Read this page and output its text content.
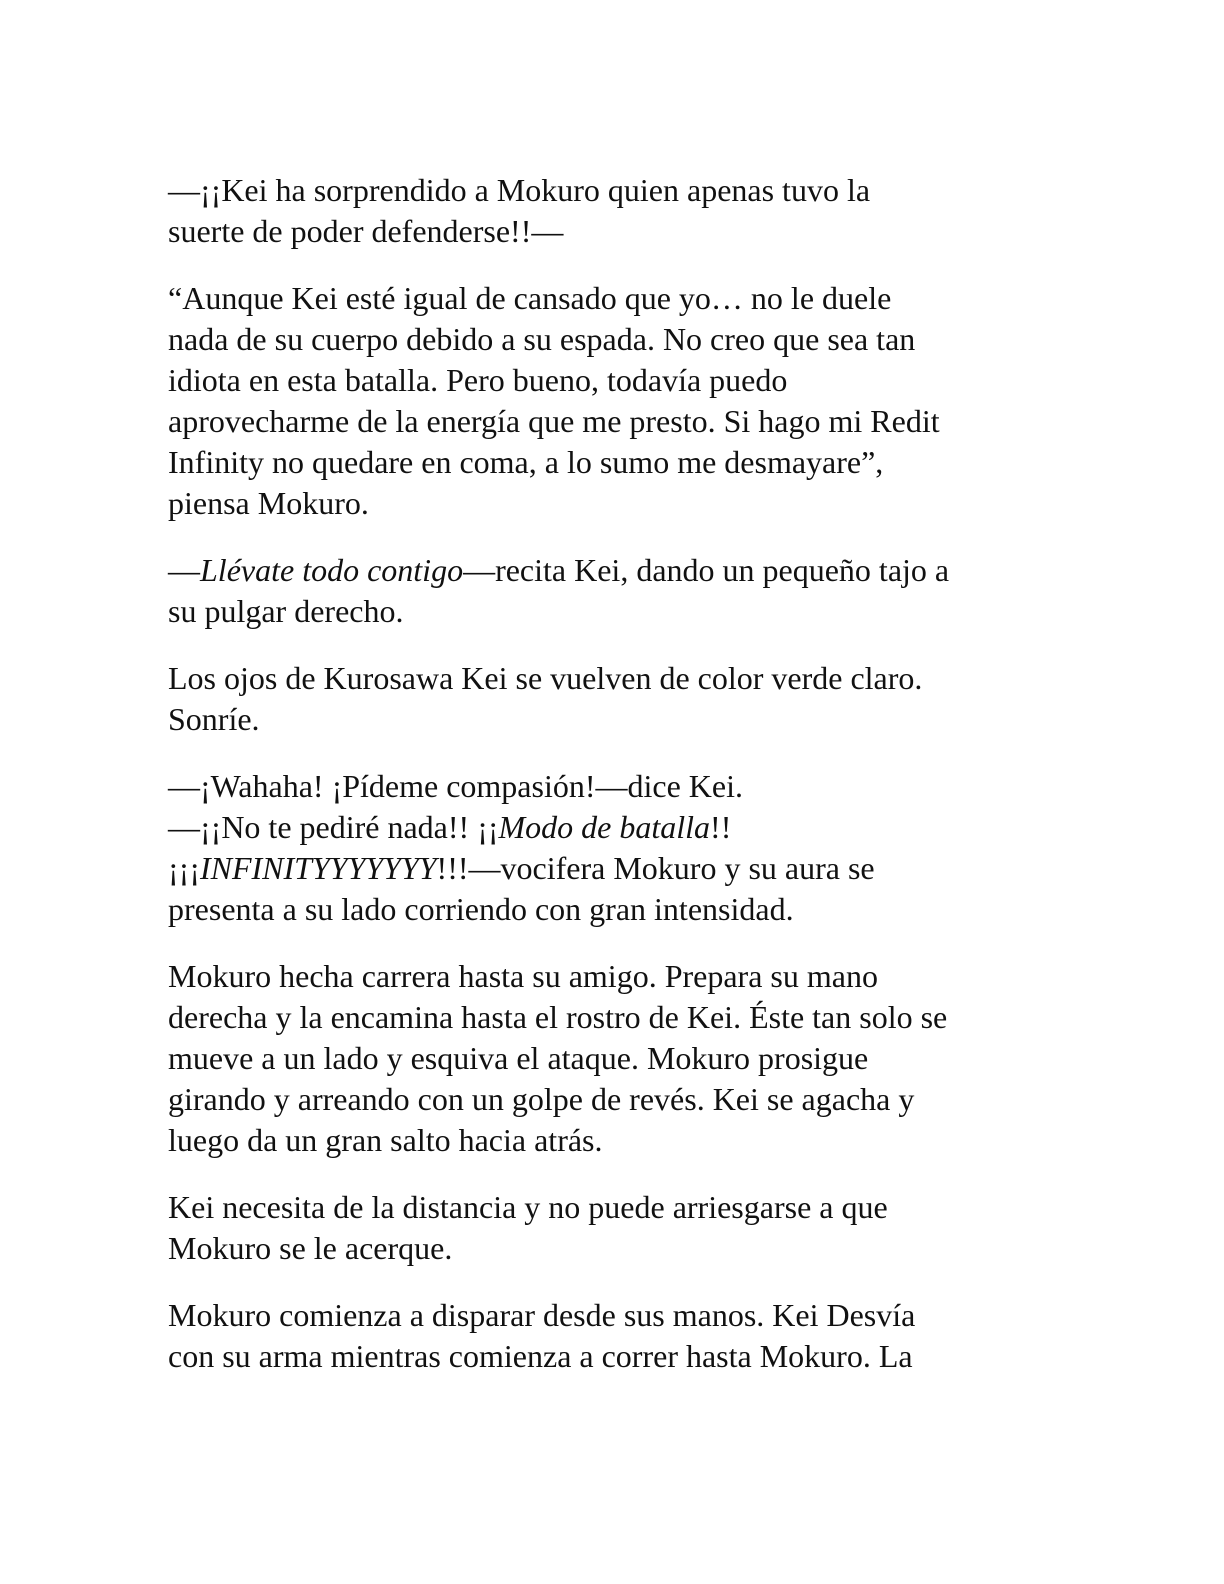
—¡¡Kei ha sorprendido a Mokuro quien apenas tuvo la
suerte de poder defenderse!!—

“Aunque Kei esté igual de cansado que yo… no le duele
nada de su cuerpo debido a su espada. No creo que sea tan
idiota en esta batalla. Pero bueno, todavía puedo
aprovecharme de la energía que me presto. Si hago mi Redit
Infinity no quedare en coma, a lo sumo me desmayare”,
piensa Mokuro.

—Llévate todo contigo—recita Kei, dando un pequeño tajo a
su pulgar derecho.

Los ojos de Kurosawa Kei se vuelven de color verde claro.
Sonríe.

—¡Wahaha! ¡Pídeme compasión!—dice Kei.
—¡¡No te pediré nada!! ¡¡Modo de batalla!!
¡¡¡INFINITYYYYYYY!!!—vocifera Mokuro y su aura se
presenta a su lado corriendo con gran intensidad.

Mokuro hecha carrera hasta su amigo. Prepara su mano
derecha y la encamina hasta el rostro de Kei. Éste tan solo se
mueve a un lado y esquiva el ataque. Mokuro prosigue
girando y arreando con un golpe de revés. Kei se agacha y
luego da un gran salto hacia atrás.

Kei necesita de la distancia y no puede arriesgarse a que
Mokuro se le acerque.

Mokuro comienza a disparar desde sus manos. Kei Desvía
con su arma mientras comienza a correr hasta Mokuro. La
